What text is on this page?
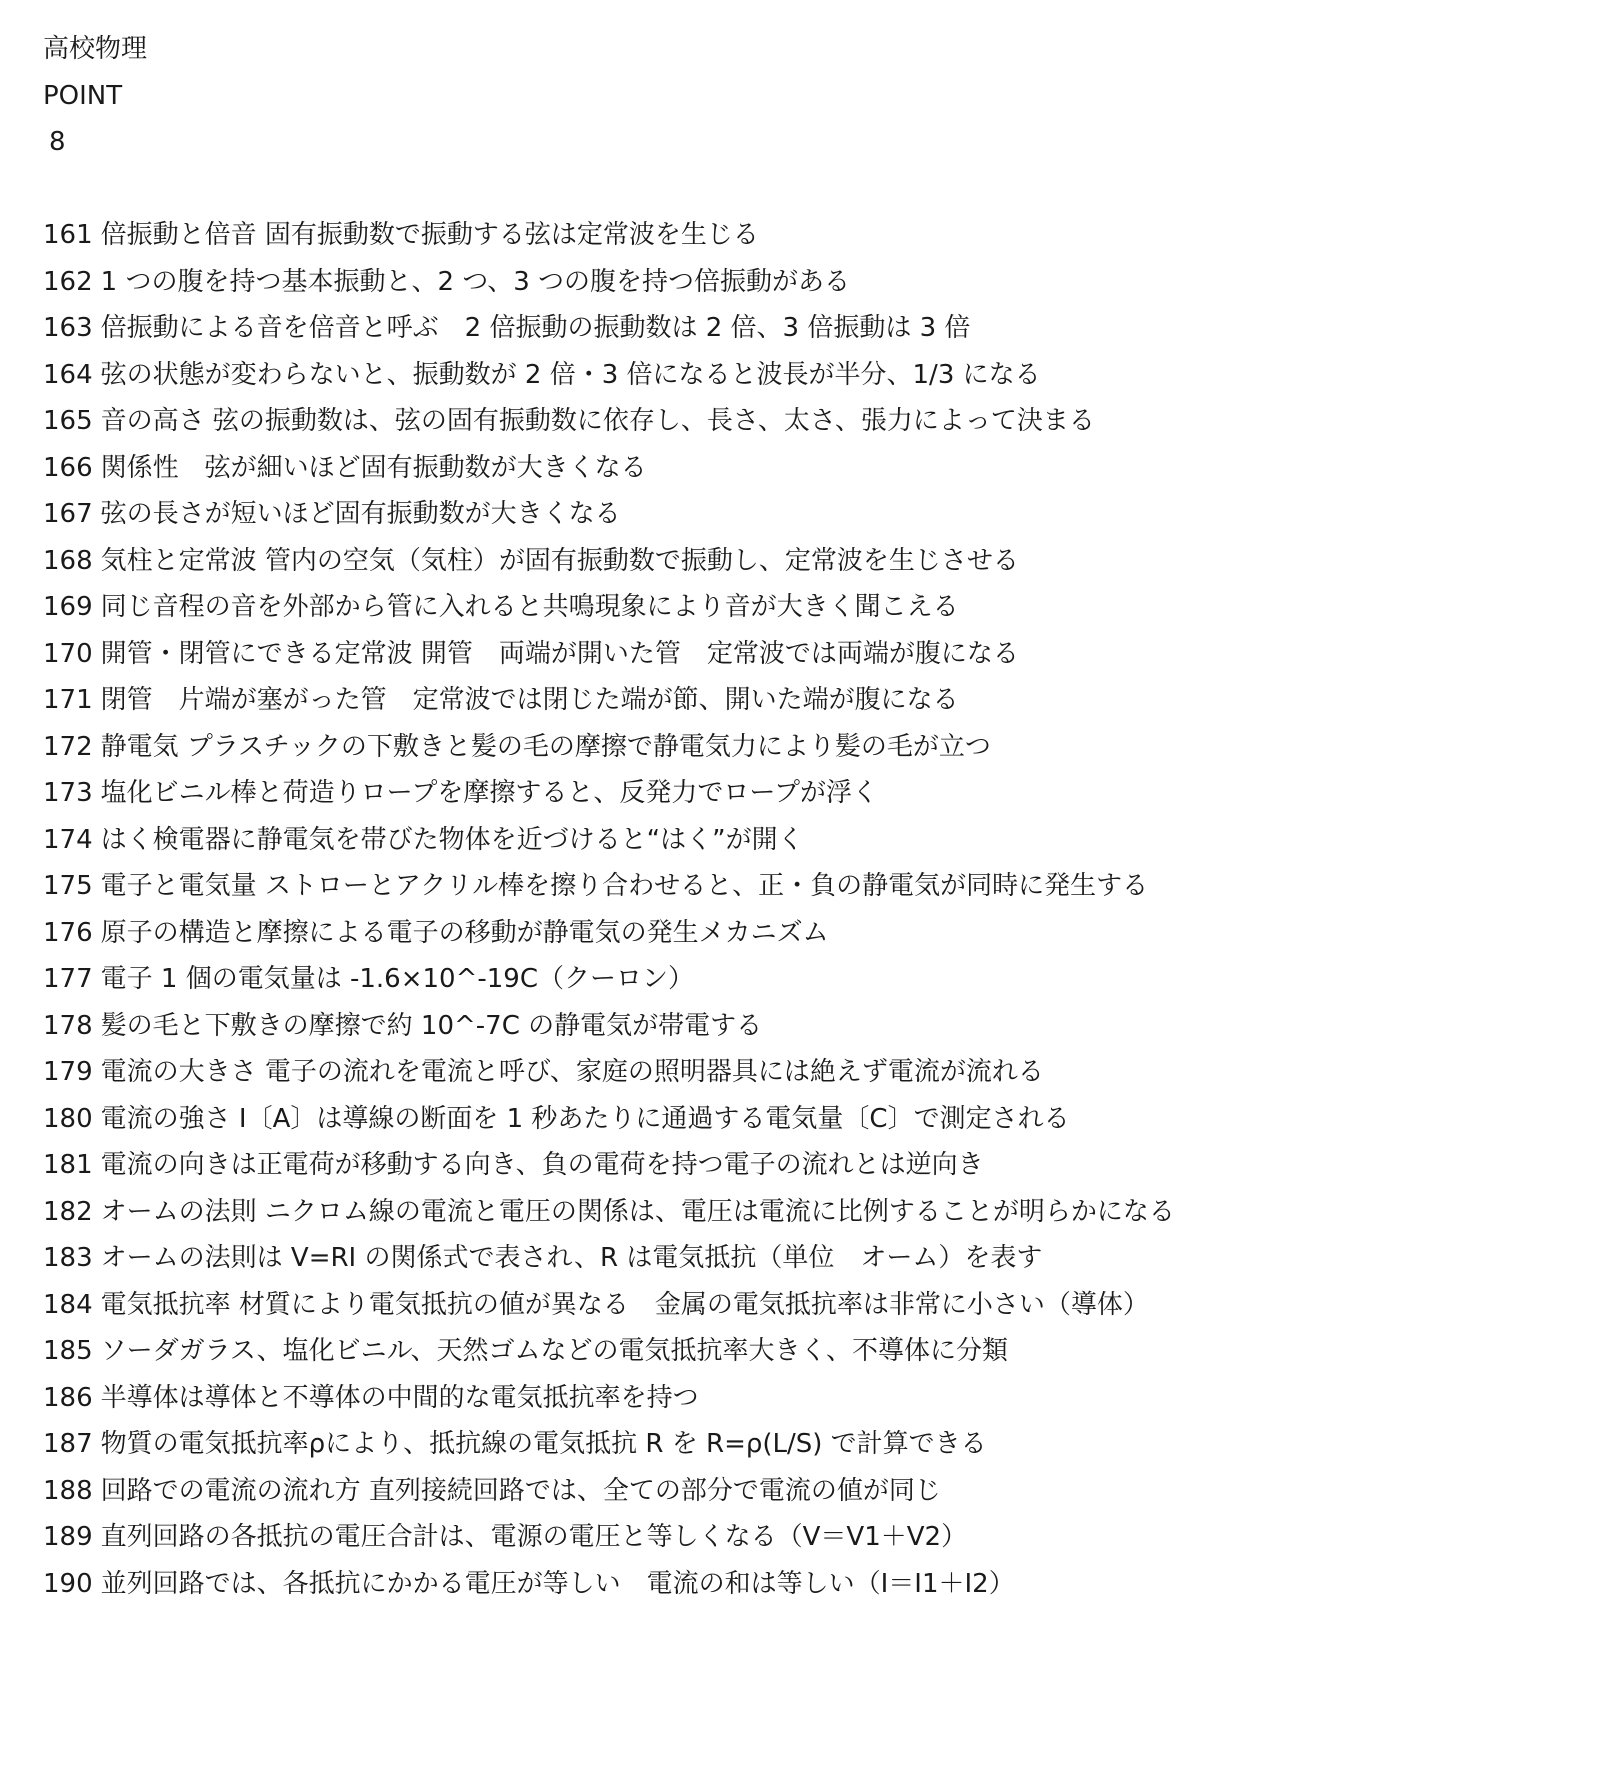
高校物理
POINT
8
161 倍振動と倍音 固有振動数で振動する弦は定常波を生じる
162 1 つの腹を持つ基本振動と、2 つ、3 つの腹を持つ倍振動がある
163 倍振動による音を倍音と呼ぶ　2 倍振動の振動数は 2 倍、3 倍振動は 3 倍
164 弦の状態が変わらないと、振動数が 2 倍・3 倍になると波長が半分、1/3 になる
165 音の高さ 弦の振動数は、弦の固有振動数に依存し、長さ、太さ、張力によって決まる
166 関係性　弦が細いほど固有振動数が大きくなる
167 弦の長さが短いほど固有振動数が大きくなる
168 気柱と定常波 管内の空気（気柱）が固有振動数で振動し、定常波を生じさせる
169 同じ音程の音を外部から管に入れると共鳴現象により音が大きく聞こえる
170 開管・閉管にできる定常波 開管　両端が開いた管　定常波では両端が腹になる
171 閉管　片端が塞がった管　定常波では閉じた端が節、開いた端が腹になる
172 静電気 プラスチックの下敷きと髪の毛の摩擦で静電気力により髪の毛が立つ
173 塩化ビニル棒と荷造りロープを摩擦すると、反発力でロープが浮く
174 はく検電器に静電気を帯びた物体を近づけると“はく”が開く
175 電子と電気量 ストローとアクリル棒を擦り合わせると、正・負の静電気が同時に発生する
176 原子の構造と摩擦による電子の移動が静電気の発生メカニズム
177 電子 1 個の電気量は -1.6×10^-19C（クーロン）
178 髪の毛と下敷きの摩擦で約 10^-7C の静電気が帯電する
179 電流の大きさ 電子の流れを電流と呼び、家庭の照明器具には絶えず電流が流れる
180 電流の強さ I〔A〕は導線の断面を 1 秒あたりに通過する電気量〔C〕で測定される
181 電流の向きは正電荷が移動する向き、負の電荷を持つ電子の流れとは逆向き
182 オームの法則 ニクロム線の電流と電圧の関係は、電圧は電流に比例することが明らかになる
183 オームの法則は V=RI の関係式で表され、R は電気抵抗（単位　オーム）を表す
184 電気抵抗率 材質により電気抵抗の値が異なる　金属の電気抵抗率は非常に小さい（導体）
185 ソーダガラス、塩化ビニル、天然ゴムなどの電気抵抗率大きく、不導体に分類
186 半導体は導体と不導体の中間的な電気抵抗率を持つ
187 物質の電気抵抗率ρにより、抵抗線の電気抵抗 R を R=ρ(L/S) で計算できる
188 回路での電流の流れ方 直列接続回路では、全ての部分で電流の値が同じ
189 直列回路の各抵抗の電圧合計は、電源の電圧と等しくなる（V＝V1＋V2）
190 並列回路では、各抵抗にかかる電圧が等しい　電流の和は等しい（I＝I1＋I2）
